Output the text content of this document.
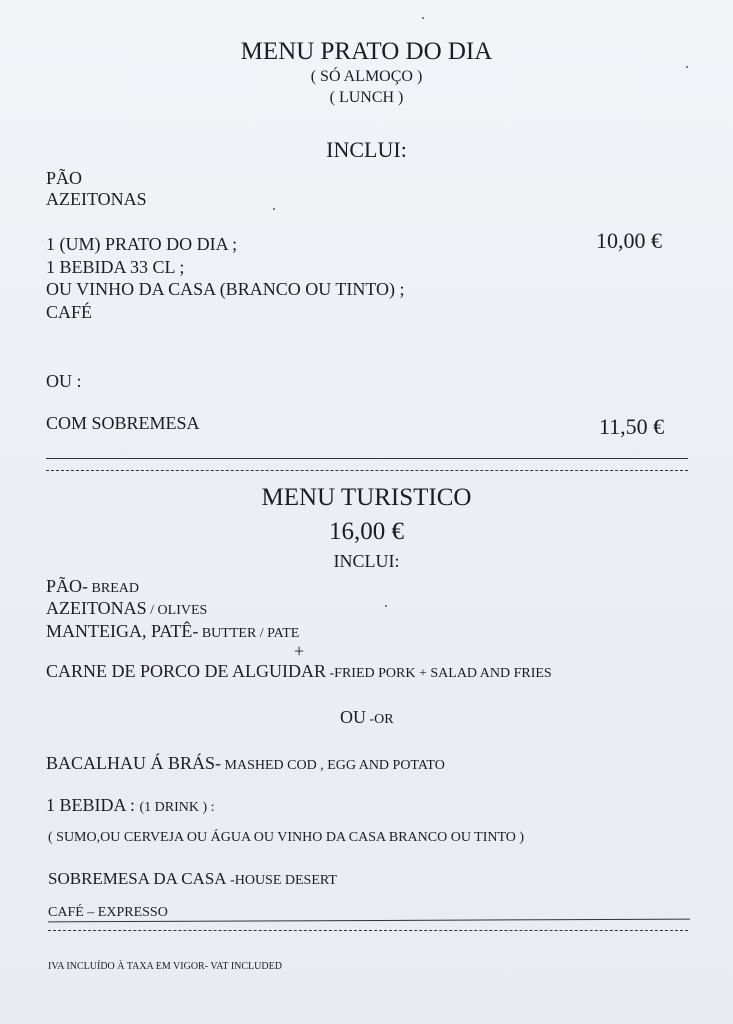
MENU PRATO DO DIA
( SÓ ALMOÇO )
( LUNCH )
INCLUI:
PÃO
AZEITONAS
1 (UM) PRATO DO DIA ;
1 BEBIDA 33 CL ;
OU VINHO DA CASA (BRANCO OU TINTO) ;
CAFÉ
10,00 €
OU :
COM SOBREMESA	11,50 €
MENU TURISTICO
16,00 €
INCLUI:
PÃO- BREAD
AZEITONAS / OLIVES
MANTEIGA, PATÊ- BUTTER / PATE
+
CARNE DE PORCO DE ALGUIDAR -FRIED PORK + SALAD AND FRIES
OU -OR
BACALHAU Á BRÁS- MASHED COD , EGG AND POTATO
1 BEBIDA : (1 DRINK ) :
( SUMO,OU CERVEJA OU ÁGUA OU VINHO DA CASA BRANCO OU TINTO )
SOBREMESA DA CASA -HOUSE DESERT
CAFÉ – EXPRESSO
IVA INCLUÍDO À TAXA EM VIGOR- VAT INCLUDED
